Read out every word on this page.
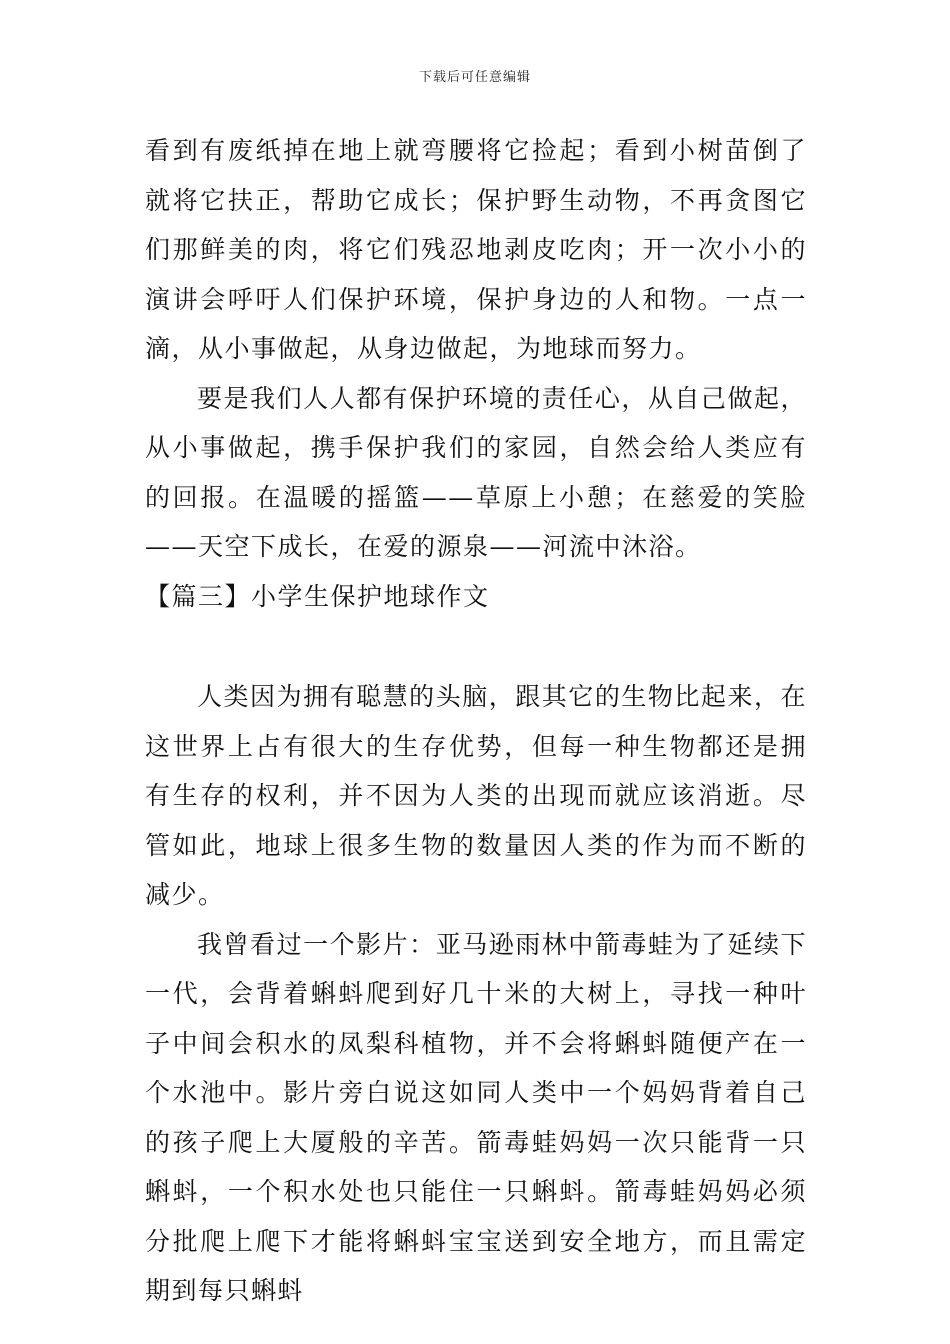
下载后可任意编辑

看到有废纸掉在地上就弯腰将它捡起；看到小树苗倒了就将它扶正，帮助它成长；保护野生动物，不再贪图它们那鲜美的肉，将它们残忍地剥皮吃肉；开一次小小的演讲会呼吁人们保护环境，保护身边的人和物。一点一滴，从小事做起，从身边做起，为地球而努力。

要是我们人人都有保护环境的责任心，从自己做起，从小事做起，携手保护我们的家园，自然会给人类应有的回报。在温暖的摇篮——草原上小憩；在慈爱的笑脸——天空下成长，在爱的源泉——河流中沐浴。

【篇三】小学生保护地球作文

人类因为拥有聪慧的头脑，跟其它的生物比起来，在这世界上占有很大的生存优势，但每一种生物都还是拥有生存的权利，并不因为人类的出现而就应该消逝。尽管如此，地球上很多生物的数量因人类的作为而不断的减少。

我曾看过一个影片：亚马逊雨林中箭毒蛙为了延续下一代，会背着蝌蚪爬到好几十米的大树上，寻找一种叶子中间会积水的凤梨科植物，并不会将蝌蚪随便产在一个水池中。影片旁白说这如同人类中一个妈妈背着自己的孩子爬上大厦般的辛苦。箭毒蛙妈妈一次只能背一只蝌蚪，一个积水处也只能住一只蝌蚪。箭毒蛙妈妈必须分批爬上爬下才能将蝌蚪宝宝送到安全地方，而且需定期到每只蝌蚪
